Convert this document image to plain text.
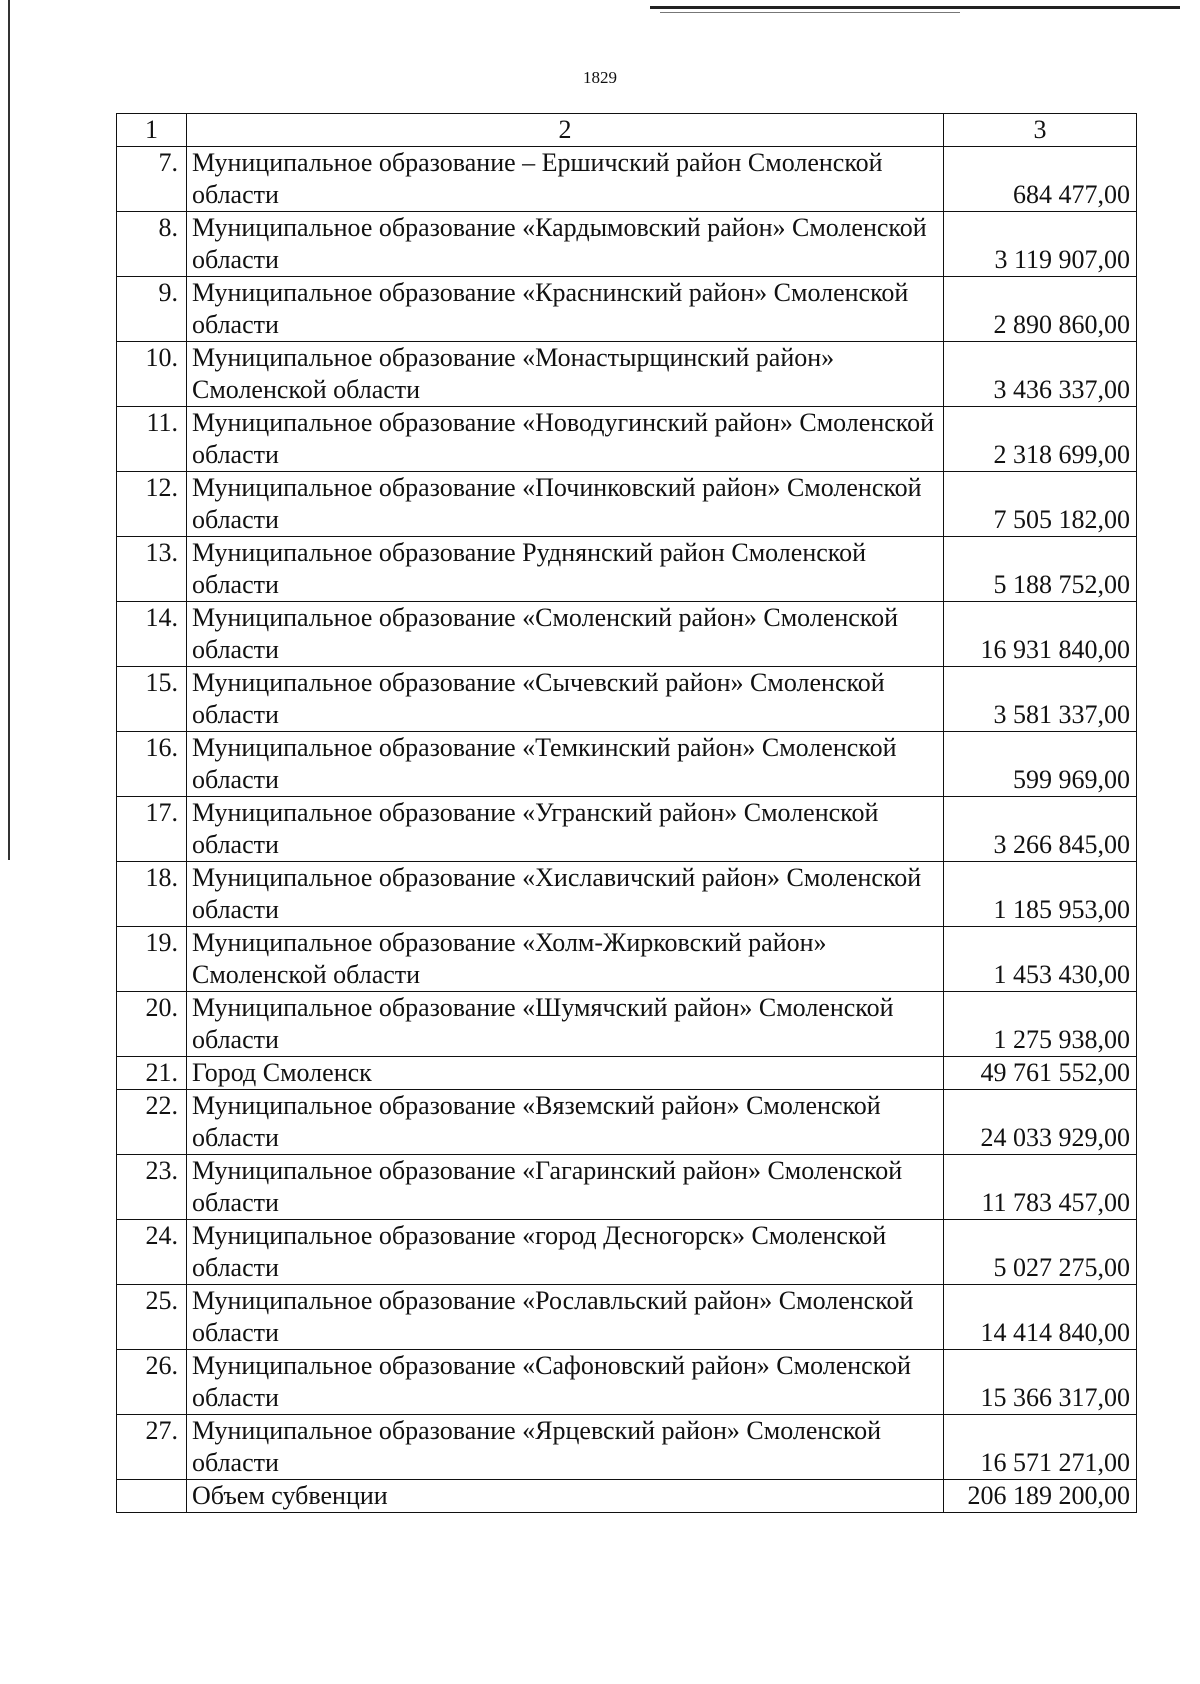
1829
1	2	3
7.	Муниципальное образование – Ершичский район Смоленской области	684 477,00
8.	Муниципальное образование «Кардымовский район» Смоленской области	3 119 907,00
9.	Муниципальное образование «Краснинский район» Смоленской области	2 890 860,00
10.	Муниципальное образование «Монастырщинский район» Смоленской области	3 436 337,00
11.	Муниципальное образование «Новодугинский район» Смоленской области	2 318 699,00
12.	Муниципальное образование «Починковский район» Смоленской области	7 505 182,00
13.	Муниципальное образование Руднянский район Смоленской области	5 188 752,00
14.	Муниципальное образование «Смоленский район» Смоленской области	16 931 840,00
15.	Муниципальное образование «Сычевский район» Смоленской области	3 581 337,00
16.	Муниципальное образование «Темкинский район» Смоленской области	599 969,00
17.	Муниципальное образование «Угранский район» Смоленской области	3 266 845,00
18.	Муниципальное образование «Хиславичский район» Смоленской области	1 185 953,00
19.	Муниципальное образование «Холм-Жирковский район» Смоленской области	1 453 430,00
20.	Муниципальное образование «Шумячский район» Смоленской области	1 275 938,00
21.	Город Смоленск	49 761 552,00
22.	Муниципальное образование «Вяземский район» Смоленской области	24 033 929,00
23.	Муниципальное образование «Гагаринский район» Смоленской области	11 783 457,00
24.	Муниципальное образование «город Десногорск» Смоленской области	5 027 275,00
25.	Муниципальное образование «Рославльский район» Смоленской области	14 414 840,00
26.	Муниципальное образование «Сафоновский район» Смоленской области	15 366 317,00
27.	Муниципальное образование «Ярцевский район» Смоленской области	16 571 271,00
	Объем субвенции	206 189 200,00
